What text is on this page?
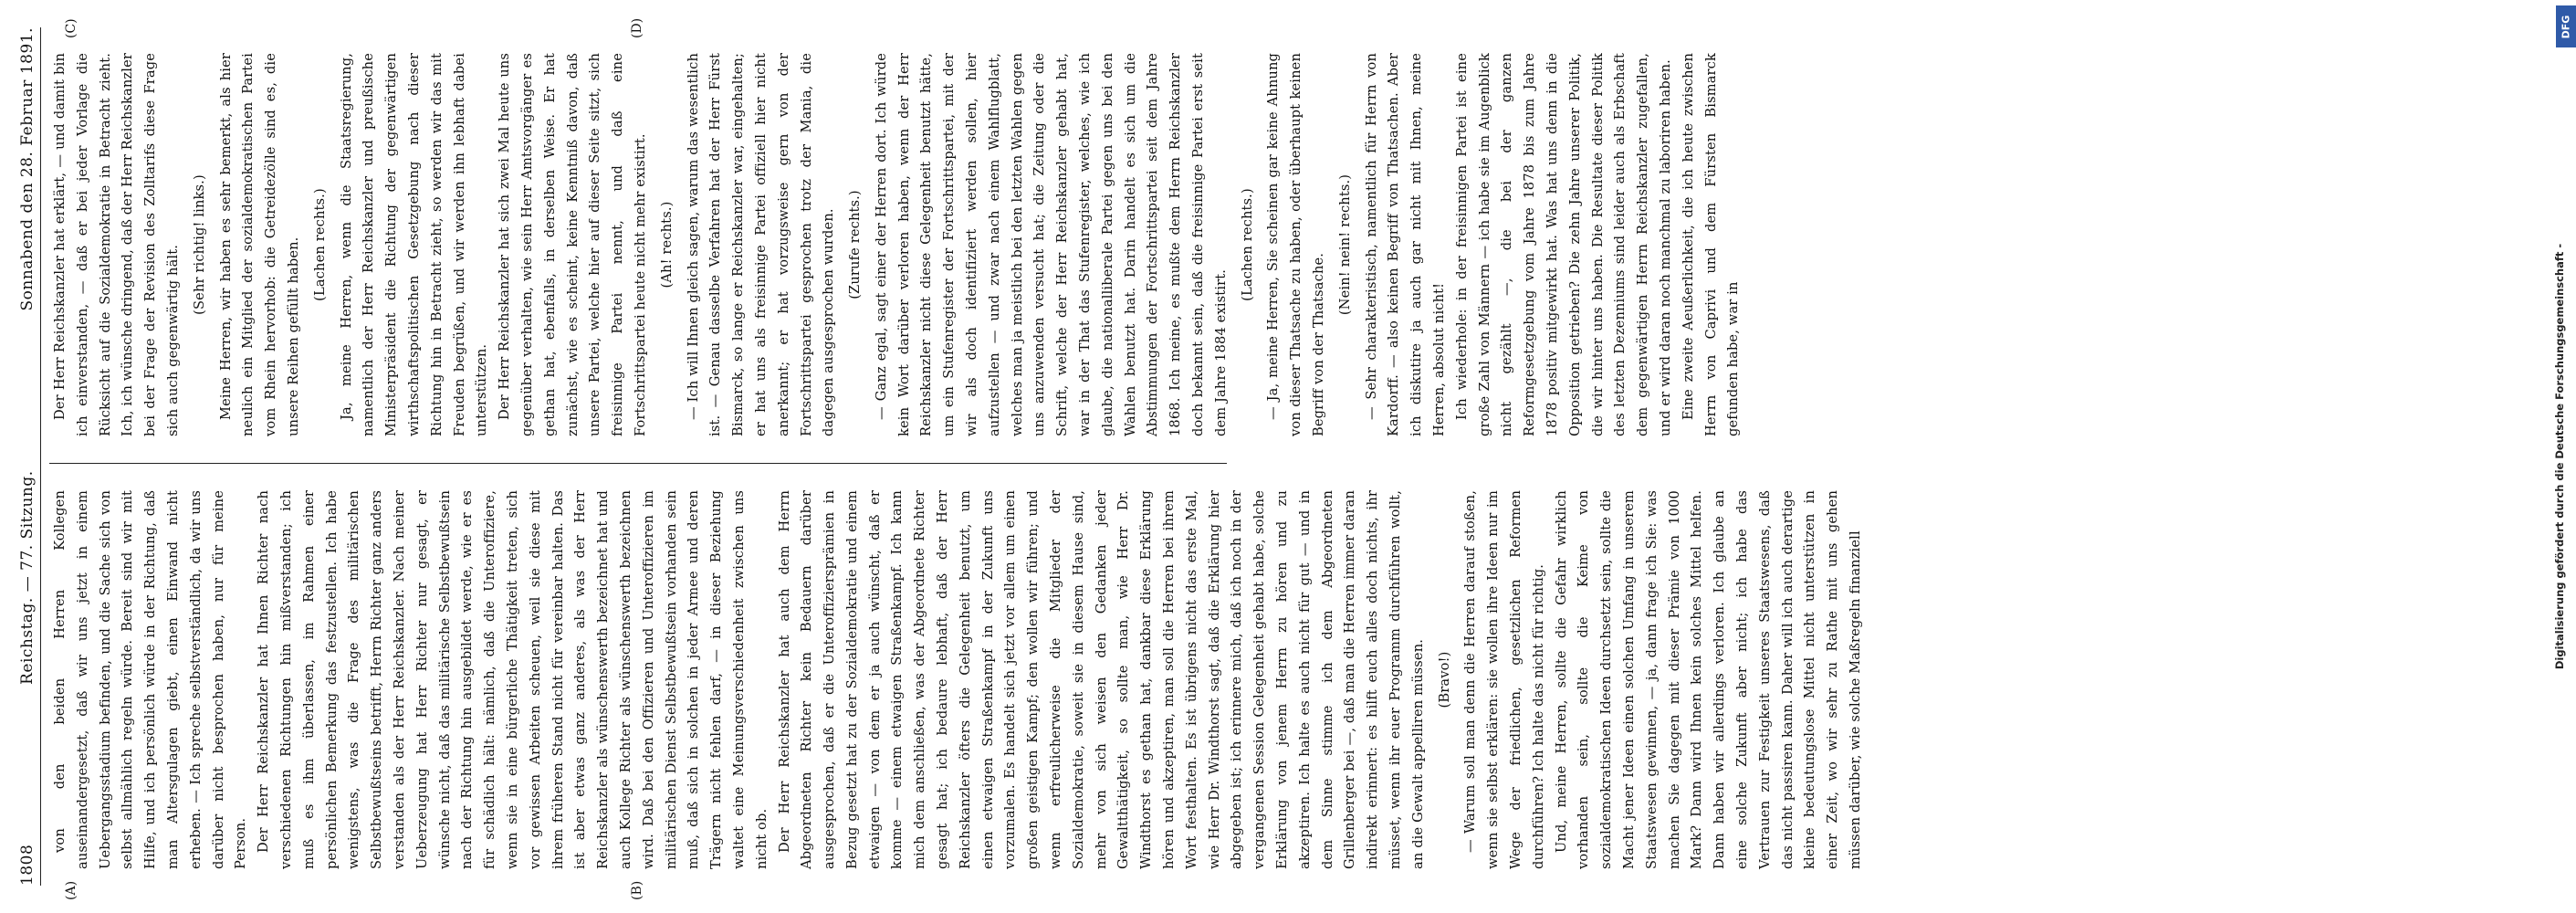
DFG
Digitalisierung gefördert durch die Deutsche Forschungsgemeinschaft -
1808
Reichstag. — 77. Sitzung.
Sonnabend den 28. Februar 1891.
(A)	(B)
(C)	(D)

von den beiden Herren Kollegen auseinandergesetzt, daß wir uns jetzt in einem Uebergangsstadium befinden, und die Sache sich von selbst allmählich regeln würde. Bereit sind wir mit Hilfe, und ich persönlich würde in der Richtung, daß man Altersgulagen giebt, einen Einwand nicht erheben. — Ich spreche selbstverständlich, da wir uns darüber nicht besprochen haben, nur für meine Person. Der Herr Reichskanzler hat Ihnen Richter nach verschiedenen Richtungen hin mißverstanden; ich muß es ihm überlassen, im Rahmen einer persönlichen Bemerkung das festzustellen. Ich habe wenigstens, was die Frage des militärischen Selbstbewußtseins betrifft, Herrn Richter ganz anders verstanden als der Herr Reichskanzler. Nach meiner Ueberzeugung hat Herr Richter nur gesagt, er wünsche nicht, daß das militärische Selbstbewußtsein nach der Richtung hin ausgebildet werde, wie er es für schädlich hält: nämlich, daß die Unteroffiziere, wenn sie in eine bürgerliche Thätigkeit treten, sich vor gewissen Arbeiten scheuen, weil sie diese mit ihrem früheren Stand nicht für vereinbar halten. Das ist aber etwas ganz anderes, als was der Herr Reichskanzler als wünschenswerth bezeichnet hat und auch Kollege Richter als wünschenswerth bezeichnen wird. Daß bei den Offizieren und Unteroffizieren im militärischen Dienst Selbstbewußtsein vorhanden sein muß, daß sich in solchen in jeder Armee und deren Trägern nicht fehlen darf, — in dieser Beziehung waltet eine Meinungsverschiedenheit zwischen uns nicht ob. Der Herr Reichskanzler hat auch dem Herrn Abgeordneten Richter kein Bedauern darüber ausgesprochen, daß er die Unteroffiziersprämien in Bezug gesetzt hat zu der Sozialdemokratie und einem etwaigen — von dem er ja auch wünscht, daß er komme — einem etwaigen Straßenkampf. Ich kann mich dem anschließen, was der Abgeordnete Richter gesagt hat; ich bedaure lebhaft, daß der Herr Reichskanzler öfters die Gelegenheit benutzt, um einen etwaigen Straßenkampf in der Zukunft uns vorzumalen. Es handelt sich jetzt vor allem um einen großen geistigen Kampf; den wollen wir führen; und wenn erfreulicherweise die Mitglieder der Sozialdemokratie, soweit sie in diesem Hause sind, mehr von sich weisen den Gedanken jeder Gewaltthätigkeit, so sollte man, wie Herr Dr. Windthorst es gethan hat, dankbar diese Erklärung hören und akzeptiren, man soll die Herren bei ihrem Wort festhalten. Es ist übrigens nicht das erste Mal, wie Herr Dr. Windthorst sagt, daß die Erklärung hier abgegeben ist; ich erinnere mich, daß ich noch in der vergangenen Session Gelegenheit gehabt habe, solche Erklärung von jenem Herrn zu hören und zu akzeptiren. Ich halte es auch nicht für gut — und in dem Sinne stimme ich dem Abgeordneten Grillenberger bei —, daß man die Herren immer daran indirekt erinnert: es hilft euch alles doch nichts, ihr müsset, wenn ihr euer Programm durchführen wollt, an die Gewalt appelliren müssen. (Bravo!) — Warum soll man denn die Herren darauf stoßen, wenn sie selbst erklären: sie wollen ihre Ideen nur im Wege der friedlichen, gesetzlichen Reformen durchführen? Ich halte das nicht für richtig. Und, meine Herren, sollte die Gefahr wirklich vorhanden sein, sollte die Keime von sozialdemokratischen Ideen durchsetzt sein, sollte die Macht jener Ideen einen solchen Umfang in unserem Staatswesen gewinnen, — ja, dann frage ich Sie: was machen Sie dagegen mit dieser Prämie von 1000 Mark? Dann wird Ihnen kein solches Mittel helfen. Dann haben wir allerdings verloren. Ich glaube an eine solche Zukunft aber nicht; ich habe das Vertrauen zur Festigkeit unseres Staatswesens, daß das nicht passiren kann. Daher will ich auch derartige kleine bedeutungslose Mittel nicht unterstützen in einer Zeit, wo wir sehr zu Rathe mit uns gehen müssen darüber, wie solche Maßregeln finanziell

Der Herr Reichskanzler hat erklärt, — und damit bin ich einverstanden, — daß er bei jeder Vorlage die Rücksicht auf die Sozialdemokratie in Betracht zieht. Ich, ich wünsche dringend, daß der Herr Reichskanzler bei der Frage der Revision des Zolltarifs diese Frage sich auch gegenwärtig hält. (Sehr richtig! links.) Meine Herren, wir haben es sehr bemerkt, als hier neulich ein Mitglied der sozialdemokratischen Partei vom Rhein hervorhob: die Getreidezölle sind es, die unsere Reihen gefüllt haben. (Lachen rechts.) Ja, meine Herren, wenn die Staatsregierung, namentlich der Herr Reichskanzler und preußische Ministerpräsident die Richtung der gegenwärtigen wirthschaftspolitischen Gesetzgebung nach dieser Richtung hin in Betracht zieht, so werden wir das mit Freuden begrüßen, und wir werden ihn lebhaft dabei unterstützen. Der Herr Reichskanzler hat sich zwei Mal heute uns gegenüber verhalten, wie sein Herr Amtsvorgänger es gethan hat, ebenfalls, in derselben Weise. Er hat zunächst, wie es scheint, keine Kenntniß davon, daß unsere Partei, welche hier auf dieser Seite sitzt, sich freisinnige Partei nennt, und daß eine Fortschrittspartei heute nicht mehr existirt. (Ah! rechts.) — Ich will Ihnen gleich sagen, warum das wesentlich ist. — Genau dasselbe Verfahren hat der Herr Fürst Bismarck, so lange er Reichskanzler war, eingehalten; er hat uns als freisinnige Partei offiziell hier nicht anerkannt; er hat vorzugsweise gern von der Fortschrittspartei gesprochen trotz der Mania, die dagegen ausgesprochen wurden. (Zurufe rechts.) — Ganz egal, sagt einer der Herren dort. Ich würde kein Wort darüber verloren haben, wenn der Herr Reichskanzler nicht diese Gelegenheit benutzt hätte, um ein Stufenregister der Fortschrittspartei, mit der wir als doch identifiziert werden sollen, hier aufzustellen — und zwar nach einem Wahlflugblatt, welches man ja meistlich bei den letzten Wahlen gegen uns anzuwenden versucht hat; die Zeitung oder die Schrift, welche der Herr Reichskanzler gehabt hat, war in der That das Stufenregister, welches, wie ich glaube, die nationalliberale Partei gegen uns bei den Wahlen benutzt hat. Darin handelt es sich um die Abstimmungen der Fortschrittspartei seit dem Jahre 1868. Ich meine, es mußte dem Herrn Reichskanzler doch bekannt sein, daß die freisinnige Partei erst seit dem Jahre 1884 existirt.

(Lachen rechts.) — Ja, meine Herren, Sie scheinen gar keine Ahnung von dieser Thatsache zu haben, oder überhaupt keinen Begriff von der Thatsache.

(Nein! nein! rechts.) — Sehr charakteristisch, namentlich für Herrn von Kardorff. — also keinen Begriff von Thatsachen. Aber ich diskutire ja auch gar nicht mit Ihnen, meine Herren, absolut nicht! Ich wiederhole: in der freisinnigen Partei ist eine große Zahl von Männern — ich habe sie im Augenblick nicht gezählt —, die bei der ganzen Reformgesetzgebung vom Jahre 1878 bis zum Jahre 1878 positiv mitgewirkt hat. Was hat uns denn in die Opposition getrieben? Die zehn Jahre unserer Politik, die wir hinter uns haben. Die Resultate dieser Politik des letzten Dezenniums sind leider auch als Erbschaft dem gegenwärtigen Herrn Reichskanzler zugefallen, und er wird daran noch manchmal zu laboriren haben. Eine zweite Aeußerlichkeit, die ich heute zwischen Herrn von Caprivi und dem Fürsten Bismarck gefunden habe, war in
